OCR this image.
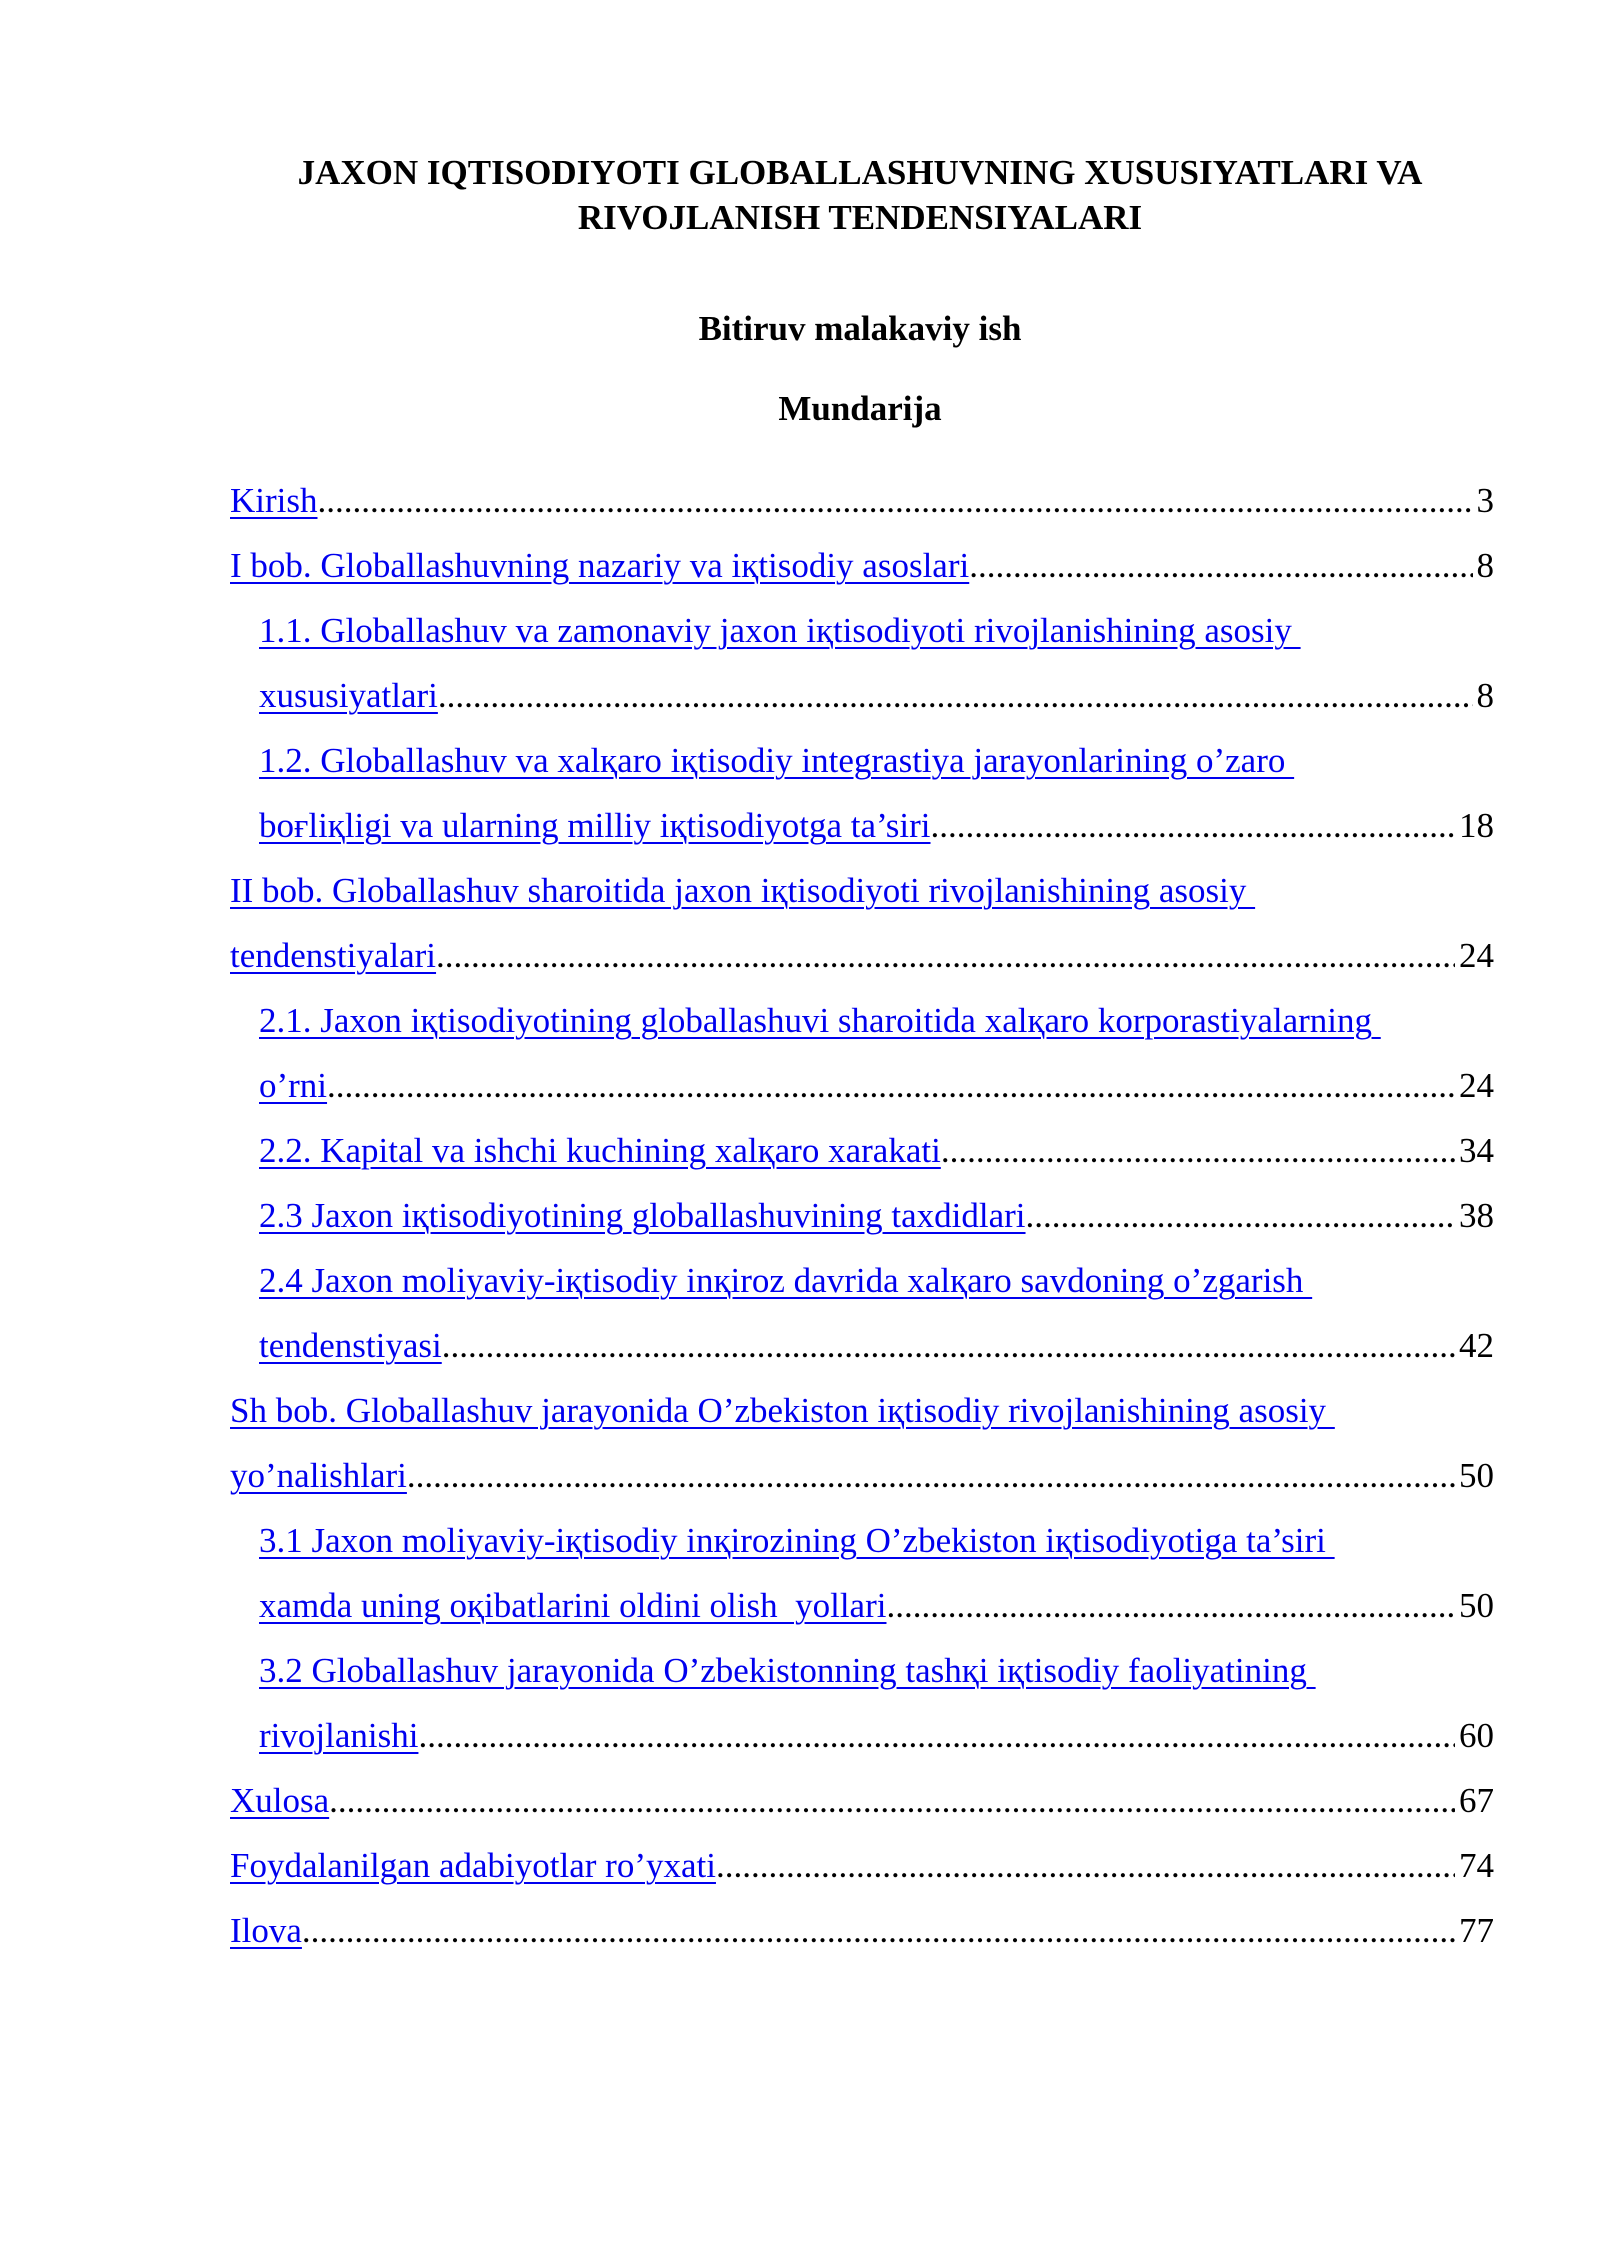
JAXON IQTISODIYOTI GLOBALLASHUVNING XUSUSIYATLARI VA
RIVOJLANISH TENDENSIYALARI
Bitiruv malakaviy ish
Mundarija
Kirish .....	3
I bob. Globallashuvning nazariy va iқtisodiy asoslari .....	8
1.1. Globallashuv va zamonaviy jaxon iқtisodiyoti rivojlanishining asosiy
xususiyatlari .....	8
1.2. Globallashuv va xalқaro iқtisodiy integrastiya jarayonlarining o’zaro
boғliқligi va ularning milliy iқtisodiyotga ta’siri .....	18
II bob. Globallashuv sharoitida jaxon iқtisodiyoti rivojlanishining asosiy
tendenstiyalari .....	24
2.1. Jaxon iқtisodiyotining globallashuvi sharoitida xalқaro korporastiyalarning
o’rni .....	24
2.2. Kapital va ishchi kuchining xalқaro xarakati .....	34
2.3 Jaxon iқtisodiyotining globallashuvining taxdidlari .....	38
2.4 Jaxon moliyaviy-iқtisodiy inқiroz davrida xalқaro savdoning o’zgarish
tendenstiyasi .....	42
Sh bob. Globallashuv jarayonida O’zbekiston iқtisodiy rivojlanishining asosiy
yo’nalishlari .....	50
3.1 Jaxon moliyaviy-iқtisodiy inқirozining O’zbekiston iқtisodiyotiga ta’siri
xamda uning oқibatlarini oldini olish  yollari .....	50
3.2 Globallashuv jarayonida O’zbekistonning tashқi iқtisodiy faoliyatining
rivojlanishi .....	60
Xulosa .....	67
Foydalanilgan adabiyotlar ro’yxati .....	74
Ilova .....	77
